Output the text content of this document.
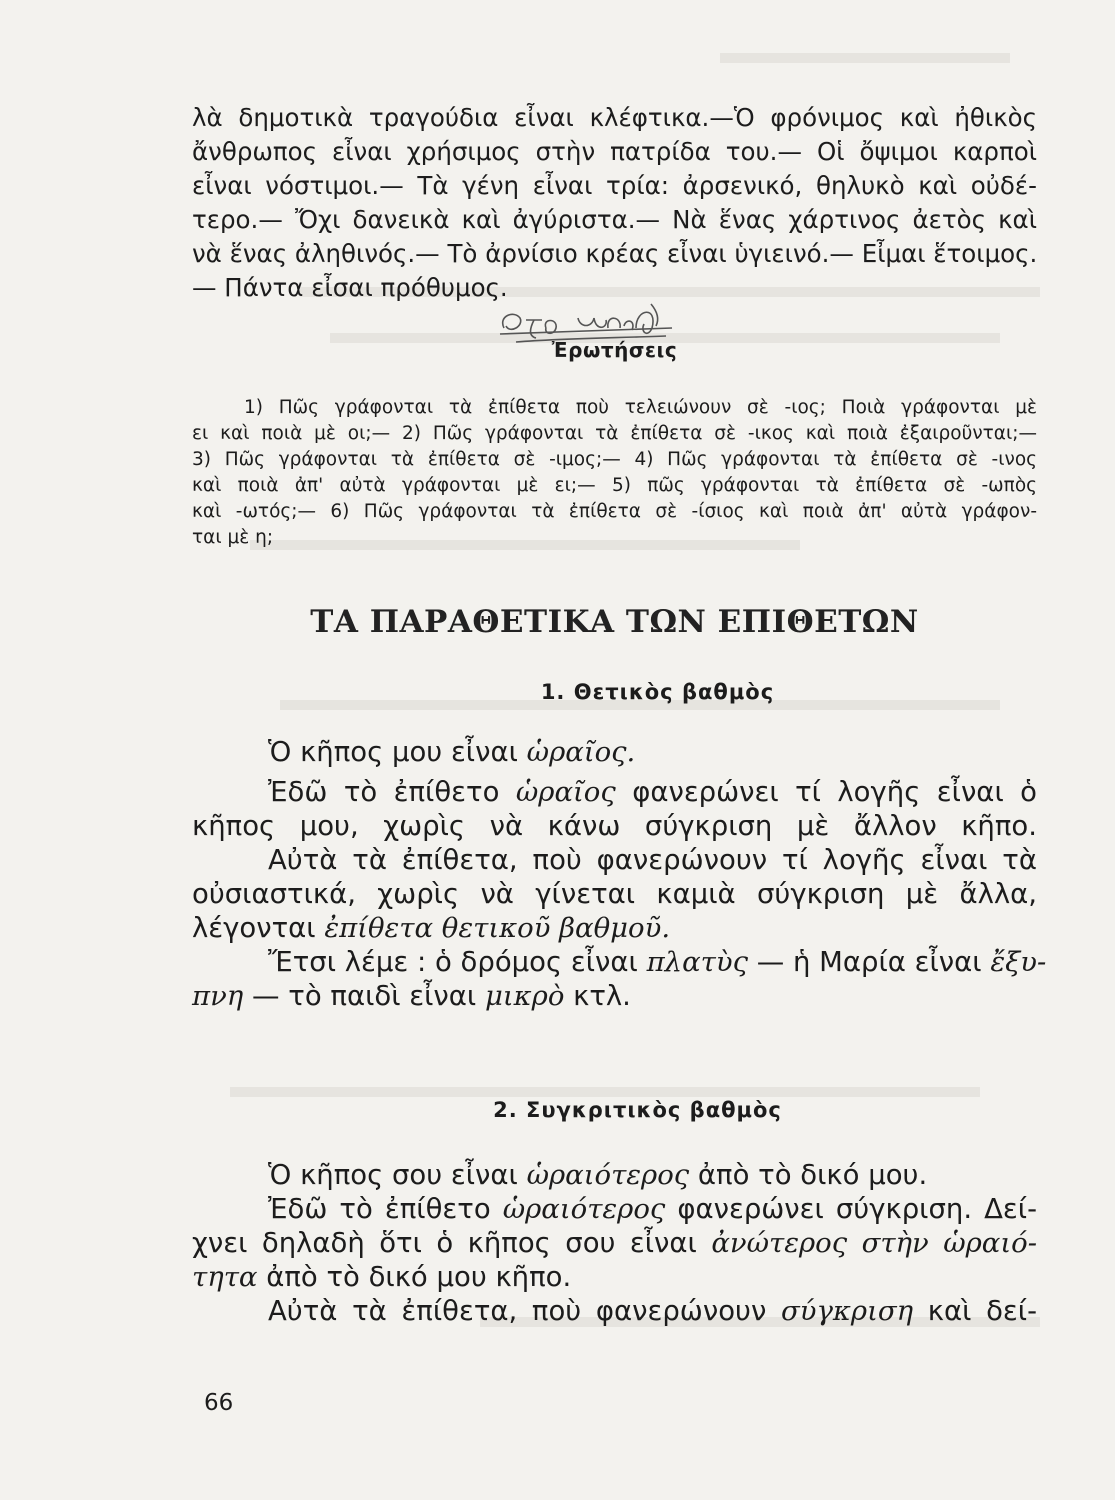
λὰ δημοτικὰ τραγούδια εἶναι κλέφτικα.—Ὁ φρόνιμος καὶ ἠθικὸς
ἄνθρωπος εἶναι χρήσιμος στὴν πατρίδα του.— Οἱ ὄψιμοι καρποὶ
εἶναι νόστιμοι.— Τὰ γένη εἶναι τρία: ἀρσενικό, θηλυκὸ καὶ οὐδέ-
τερο.— Ὄχι δανεικὰ καὶ ἀγύριστα.— Νὰ ἕνας χάρτινος ἀετὸς καὶ
νὰ ἕνας ἀληθινός.— Τὸ ἀρνίσιο κρέας εἶναι ὑγιεινό.— Εἶμαι ἕτοιμος.
— Πάντα εἶσαι πρόθυμος.
Ἐρωτήσεις
1) Πῶς γράφονται τὰ ἐπίθετα ποὺ τελειώνουν σὲ -ιος; Ποιὰ γράφονται μὲ
ει καὶ ποιὰ μὲ οι;— 2) Πῶς γράφονται τὰ ἐπίθετα σὲ -ικος καὶ ποιὰ ἐξαιροῦνται;—
3) Πῶς γράφονται τὰ ἐπίθετα σὲ -ιμος;— 4) Πῶς γράφονται τὰ ἐπίθετα σὲ -ινος
καὶ ποιὰ ἀπ' αὐτὰ γράφονται μὲ ει;— 5) πῶς γράφονται τὰ ἐπίθετα σὲ -ωπὸς
καὶ -ωτός;— 6) Πῶς γράφονται τὰ ἐπίθετα σὲ -ίσιος καὶ ποιὰ ἀπ' αὐτὰ γράφον-
ται μὲ η;
ΤΑ ΠΑΡΑΘΕΤΙΚΑ ΤΩΝ ΕΠΙΘΕΤΩΝ
1. Θετικὸς βαθμὸς
Ὁ κῆπος μου εἶναι ὡραῖος.
Ἐδῶ τὸ ἐπίθετο ὡραῖος φανερώνει τί λογῆς εἶναι ὁ
κῆπος μου, χωρὶς νὰ κάνω σύγκριση μὲ ἄλλον κῆπο.
Αὐτὰ τὰ ἐπίθετα, ποὺ φανερώνουν τί λογῆς εἶναι τὰ
οὐσιαστικά, χωρὶς νὰ γίνεται καμιὰ σύγκριση μὲ ἄλλα,
λέγονται ἐπίθετα θετικοῦ βαθμοῦ.
Ἔτσι λέμε : ὁ δρόμος εἶναι πλατὺς — ἡ Μαρία εἶναι ἔξυ-
πνη — τὸ παιδὶ εἶναι μικρὸ κτλ.
2. Συγκριτικὸς βαθμὸς
Ὁ κῆπος σου εἶναι ὡραιότερος ἀπὸ τὸ δικό μου.
Ἐδῶ τὸ ἐπίθετο ὡραιότερος φανερώνει σύγκριση. Δεί-
χνει δηλαδὴ ὅτι ὁ κῆπος σου εἶναι ἀνώτερος στὴν ὡραιό-
τητα ἀπὸ τὸ δικό μου κῆπο.
Αὐτὰ τὰ ἐπίθετα, ποὺ φανερώνουν σύγκριση καὶ δεί-
66
